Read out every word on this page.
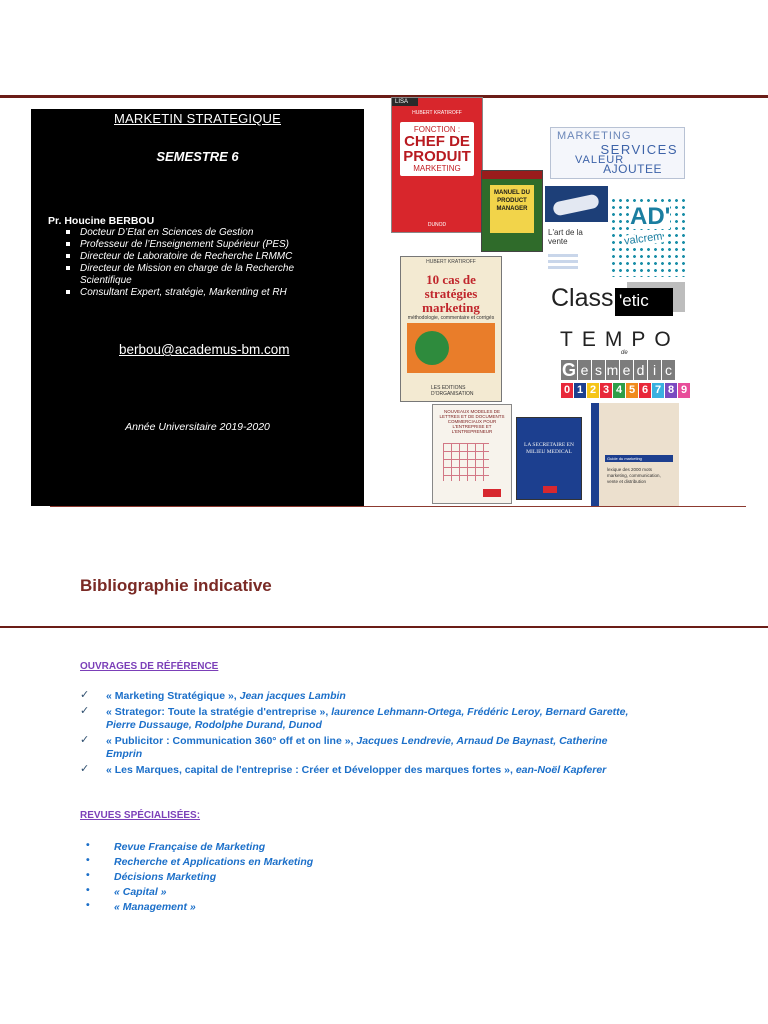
MARKETIN STRATEGIQUE
SEMESTRE 6
Pr. Houcine BERBOU
Docteur D’Etat en Sciences de Gestion
Professeur de l’Enseignement Supérieur (PES)
Directeur de Laboratoire de Recherche LRMMC
Directeur de Mission en charge de la Recherche Scientifique
Consultant Expert, stratégie, Markenting et RH
berbou@academus-bm.com
Année Universitaire 2019-2020
LISA
HUBERT KRATIROFF
FONCTION :
CHEF DE PRODUIT
MARKETING
DUNOD
MANUEL DU PRODUCT MANAGER
MARKETING
SERVICES
VALEUR
AJOUTEE
L'art de la vente
AD'
valcrem
HUBERT KRATIROFF
10 cas de stratégies marketing
méthodologie, commentaire et corrigés
LES EDITIONS D'ORGANISATION
Class 'etic
TEMPO
de
G e s m e d i c
0 1 2 3 4 5 6 7 8 9
NOUVEAUX MODELES DE LETTRES ET DE DOCUMENTS COMMERCIAUX POUR L'ENTREPRISE ET L'ENTREPRENEUR
LA SECRETAIRE EN MILIEU MEDICAL
Guide du marketing
lexique des 2000 mots marketing, communication, vente et distribution
Bibliographie indicative
OUVRAGES DE RÉFÉRENCE
✓ « Marketing Stratégique », Jean jacques Lambin
✓ « Strategor: Toute la stratégie d'entreprise », laurence Lehmann-Ortega, Frédéric Leroy, Bernard Garette, Pierre Dussauge, Rodolphe Durand, Dunod
✓ « Publicitor : Communication 360° off et on line », Jacques Lendrevie, Arnaud De Baynast, Catherine Emprin
✓ « Les Marques, capital de l'entreprise : Créer et Développer des marques fortes », ean-Noël Kapferer
REVUES SPÉCIALISÉES:
• Revue Française de Marketing
• Recherche et Applications en Marketing
• Décisions Marketing
• « Capital »
• « Management »
